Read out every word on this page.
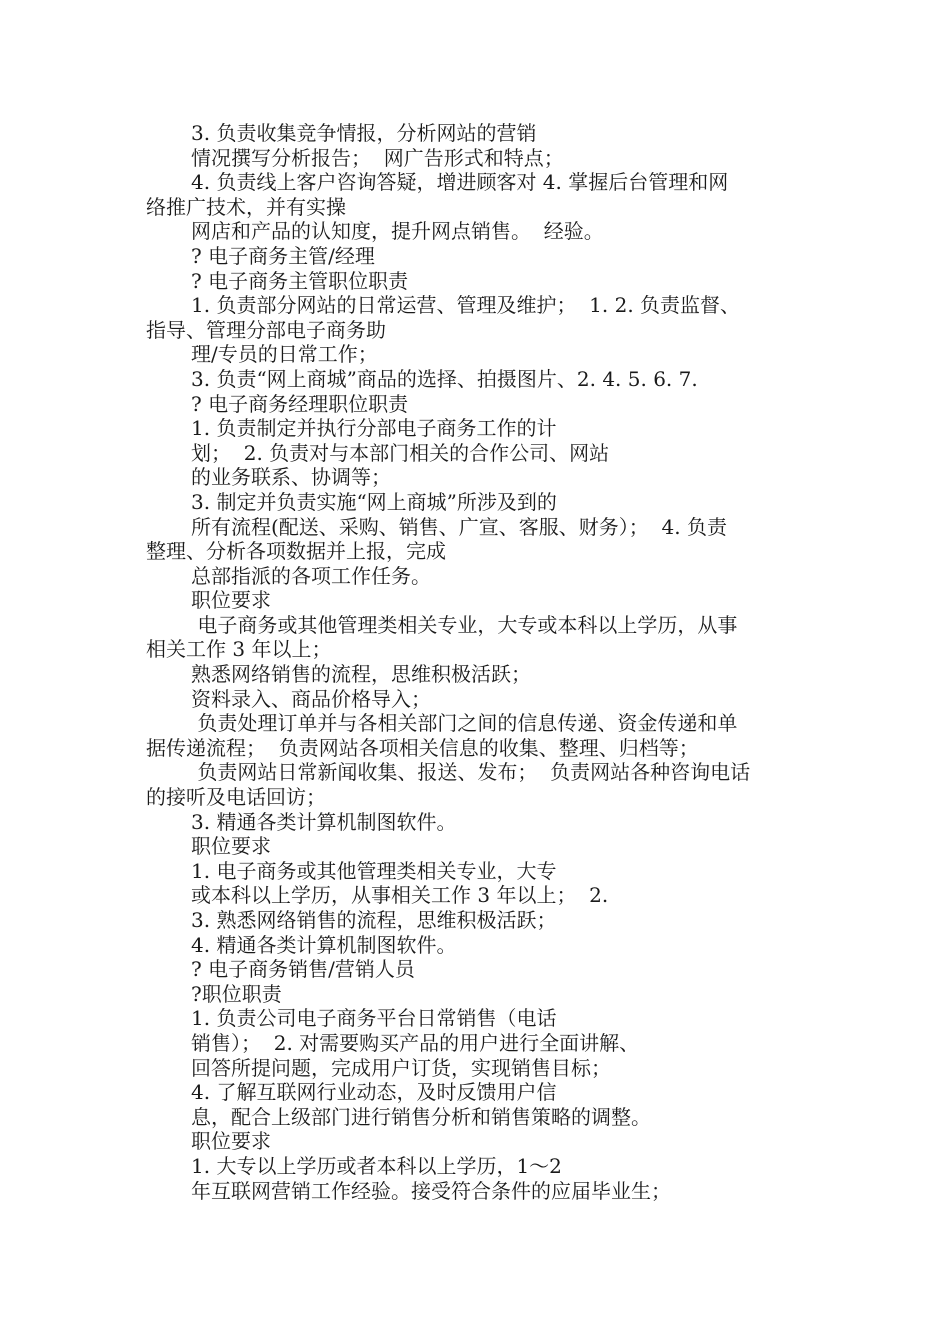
3. 负责收集竞争情报，分析网站的营销
情况撰写分析报告；  网广告形式和特点；
4. 负责线上客户咨询答疑，增进顾客对 4. 掌握后台管理和网
络推广技术，并有实操
网店和产品的认知度，提升网点销售。  经验。
? 电子商务主管/经理
? 电子商务主管职位职责
1. 负责部分网站的日常运营、管理及维护；  1. 2. 负责监督、
指导、管理分部电子商务助
理/专员的日常工作；
3. 负责“网上商城”商品的选择、拍摄图片、2. 4. 5. 6. 7.
? 电子商务经理职位职责
1. 负责制定并执行分部电子商务工作的计
划；  2. 负责对与本部门相关的合作公司、网站
的业务联系、协调等；
3. 制定并负责实施“网上商城”所涉及到的
所有流程(配送、采购、销售、广宣、客服、财务）；  4. 负责
整理、分析各项数据并上报，完成
总部指派的各项工作任务。
职位要求
电子商务或其他管理类相关专业，大专或本科以上学历，从事
相关工作 3 年以上；
熟悉网络销售的流程，思维积极活跃；
资料录入、商品价格导入；
负责处理订单并与各相关部门之间的信息传递、资金传递和单
据传递流程；  负责网站各项相关信息的收集、整理、归档等；
负责网站日常新闻收集、报送、发布；  负责网站各种咨询电话
的接听及电话回访；
3. 精通各类计算机制图软件。
职位要求
1. 电子商务或其他管理类相关专业，大专
或本科以上学历，从事相关工作 3 年以上；  2.
3. 熟悉网络销售的流程，思维积极活跃；
4. 精通各类计算机制图软件。
? 电子商务销售/营销人员
?职位职责
1. 负责公司电子商务平台日常销售（电话
销售）；  2. 对需要购买产品的用户进行全面讲解、
回答所提问题，完成用户订货，实现销售目标；
4. 了解互联网行业动态，及时反馈用户信
息，配合上级部门进行销售分析和销售策略的调整。
职位要求
1. 大专以上学历或者本科以上学历，1～2
年互联网营销工作经验。接受符合条件的应届毕业生；
